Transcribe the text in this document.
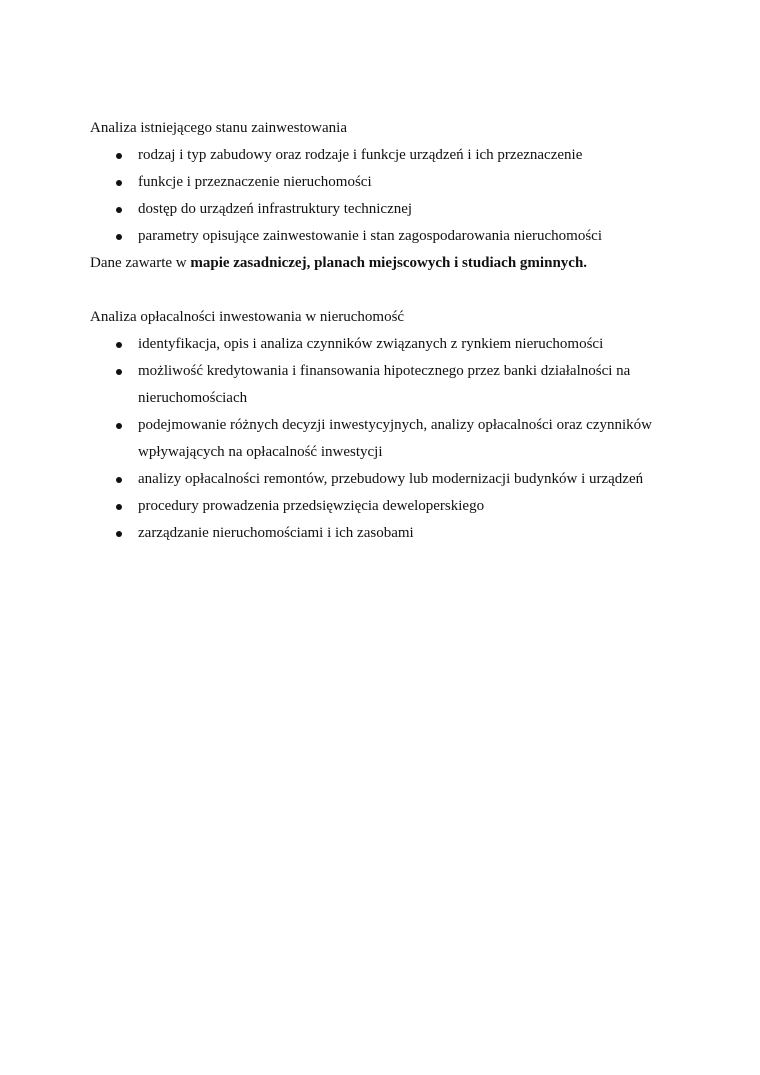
Analiza istniejącego stanu zainwestowania

rodzaj i typ zabudowy oraz rodzaje i funkcje urządzeń i ich przeznaczenie
funkcje i przeznaczenie nieruchomości
dostęp do urządzeń infrastruktury technicznej
parametry opisujące zainwestowanie i stan zagospodarowania nieruchomości

Dane zawarte w mapie zasadniczej, planach miejscowych i studiach gminnych.

Analiza opłacalności inwestowania w nieruchomość

identyfikacja, opis i analiza czynników związanych z rynkiem nieruchomości
możliwość kredytowania i finansowania hipotecznego przez banki działalności na nieruchomościach
podejmowanie różnych decyzji inwestycyjnych, analizy opłacalności oraz czynników wpływających na opłacalność inwestycji
analizy opłacalności remontów, przebudowy lub modernizacji budynków i urządzeń
procedury prowadzenia przedsięwzięcia deweloperskiego
zarządzanie nieruchomościami i ich zasobami
